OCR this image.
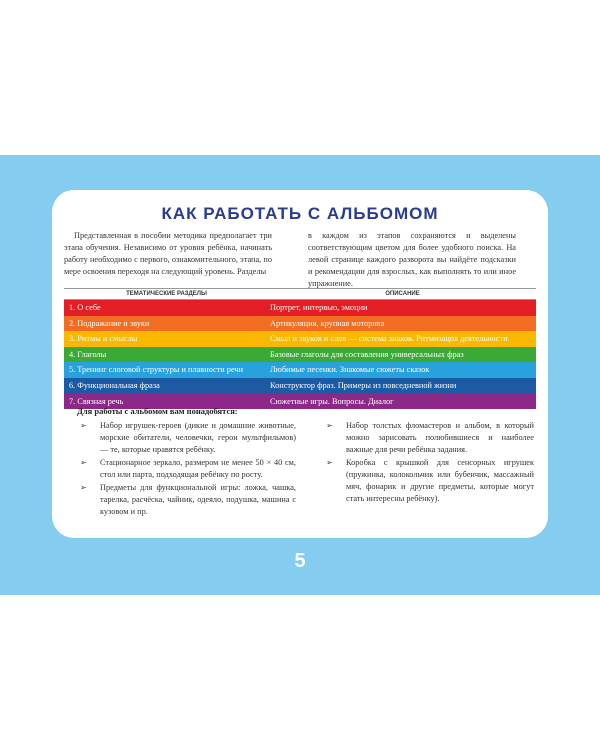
КАК РАБОТАТЬ С АЛЬБОМОМ
Представленная в пособии методика предполагает три этапа обучения. Независимо от уровня ребёнка, начинать работу необходимо с первого, ознакомительного, этапа, по мере освоения переходя на следующий уровень. Разделы
в каждом из этапов сохраняются и выделены соответствующим цветом для более удобного поиска. На левой странице каждого разворота вы найдёте подсказки и рекомендации для взрослых, как выполнять то или иное упражнение.
ТЕМАТИЧЕСКИЕ РАЗДЕЛЫ	ОПИСАНИЕ
1. О себе	Портрет, интервью, эмоции
2. Подражание и звуки	Артикуляция, крупная моторика
3. Ритмы и смыслы	Смыл и звуков и слов — система знаков. Ритмизация деятельности
4. Глаголы	Базовые глаголы для составления универсальных фраз
5. Тренинг слоговой структуры и плавности речи	Любимые песенки. Знакомые сюжеты сказок
6. Функциональная фраза	Конструктор фраз. Примеры из повседневной жизни
7. Связная речь	Сюжетные игры. Вопросы. Диалог
Для работы с альбомом вам понадобятся:
➢ Набор игрушек-героев (дикие и домашние животные, морские обитатели, человечки, герои мультфильмов) — те, которые нравятся ребёнку.
➢ Стационарное зеркало, размером не менее 50 × 40 см, стол или парта, подходящая ребёнку по росту.
➢ Предметы для функциональной игры: ложка, чашка, тарелка, расчёска, чайник, одеяло, подушка, машина с кузовом и пр.
➢ Набор толстых фломастеров и альбом, в который можно зарисовать полюбившиеся и наиболее важные для речи ребёнка задания.
➢ Коробка с крышкой для сенсорных игрушек (пружинка, колокольчик или бубенчик, массажный мяч, фонарик и другие предметы, которые могут стать интересны ребёнку).
5
